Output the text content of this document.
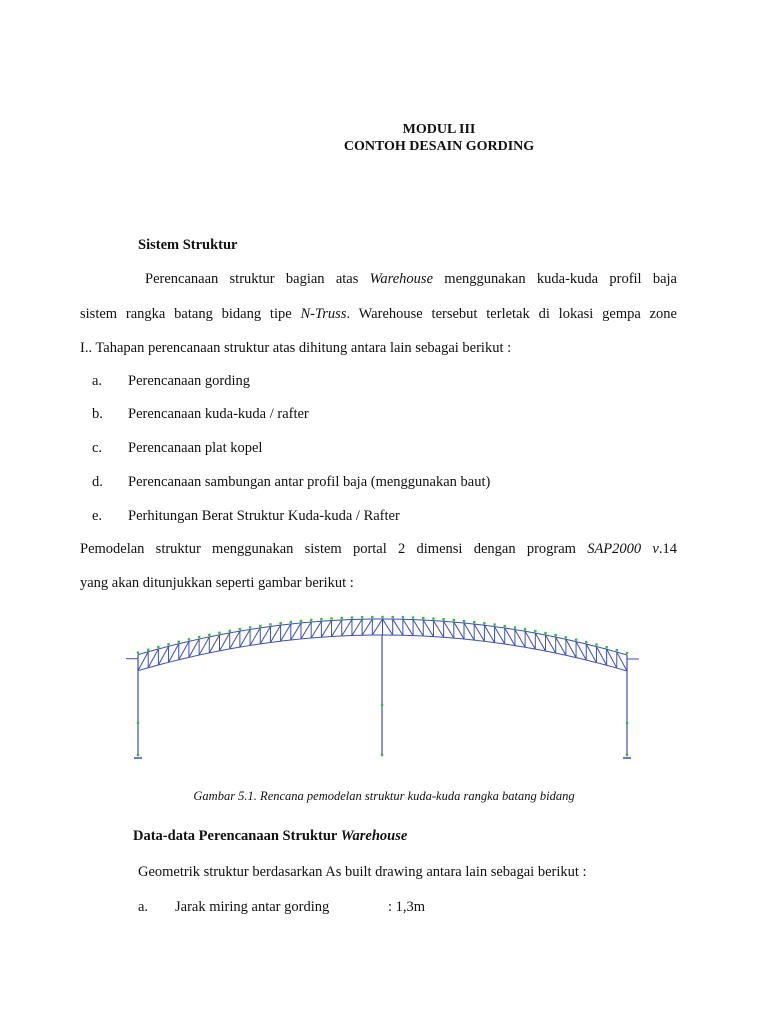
MODUL III
CONTOH DESAIN GORDING
Sistem Struktur
Perencanaan struktur bagian atas Warehouse menggunakan kuda-kuda profil baja
sistem rangka batang bidang tipe N-Truss. Warehouse tersebut terletak di lokasi gempa zone
I.. Tahapan perencanaan struktur atas dihitung antara lain sebagai berikut :
a. Perencanaan gording
b. Perencanaan kuda-kuda / rafter
c. Perencanaan plat kopel
d. Perencanaan sambungan antar profil baja (menggunakan baut)
e. Perhitungan Berat Struktur Kuda-kuda / Rafter
Pemodelan struktur menggunakan sistem portal 2 dimensi dengan program SAP2000 v.14
yang akan ditunjukkan seperti gambar berikut :
Gambar 5.1. Rencana pemodelan struktur kuda-kuda rangka batang bidang
Data-data Perencanaan Struktur Warehouse
Geometrik struktur berdasarkan As built drawing antara lain sebagai berikut :
a. Jarak miring antar gording	: 1,3m
